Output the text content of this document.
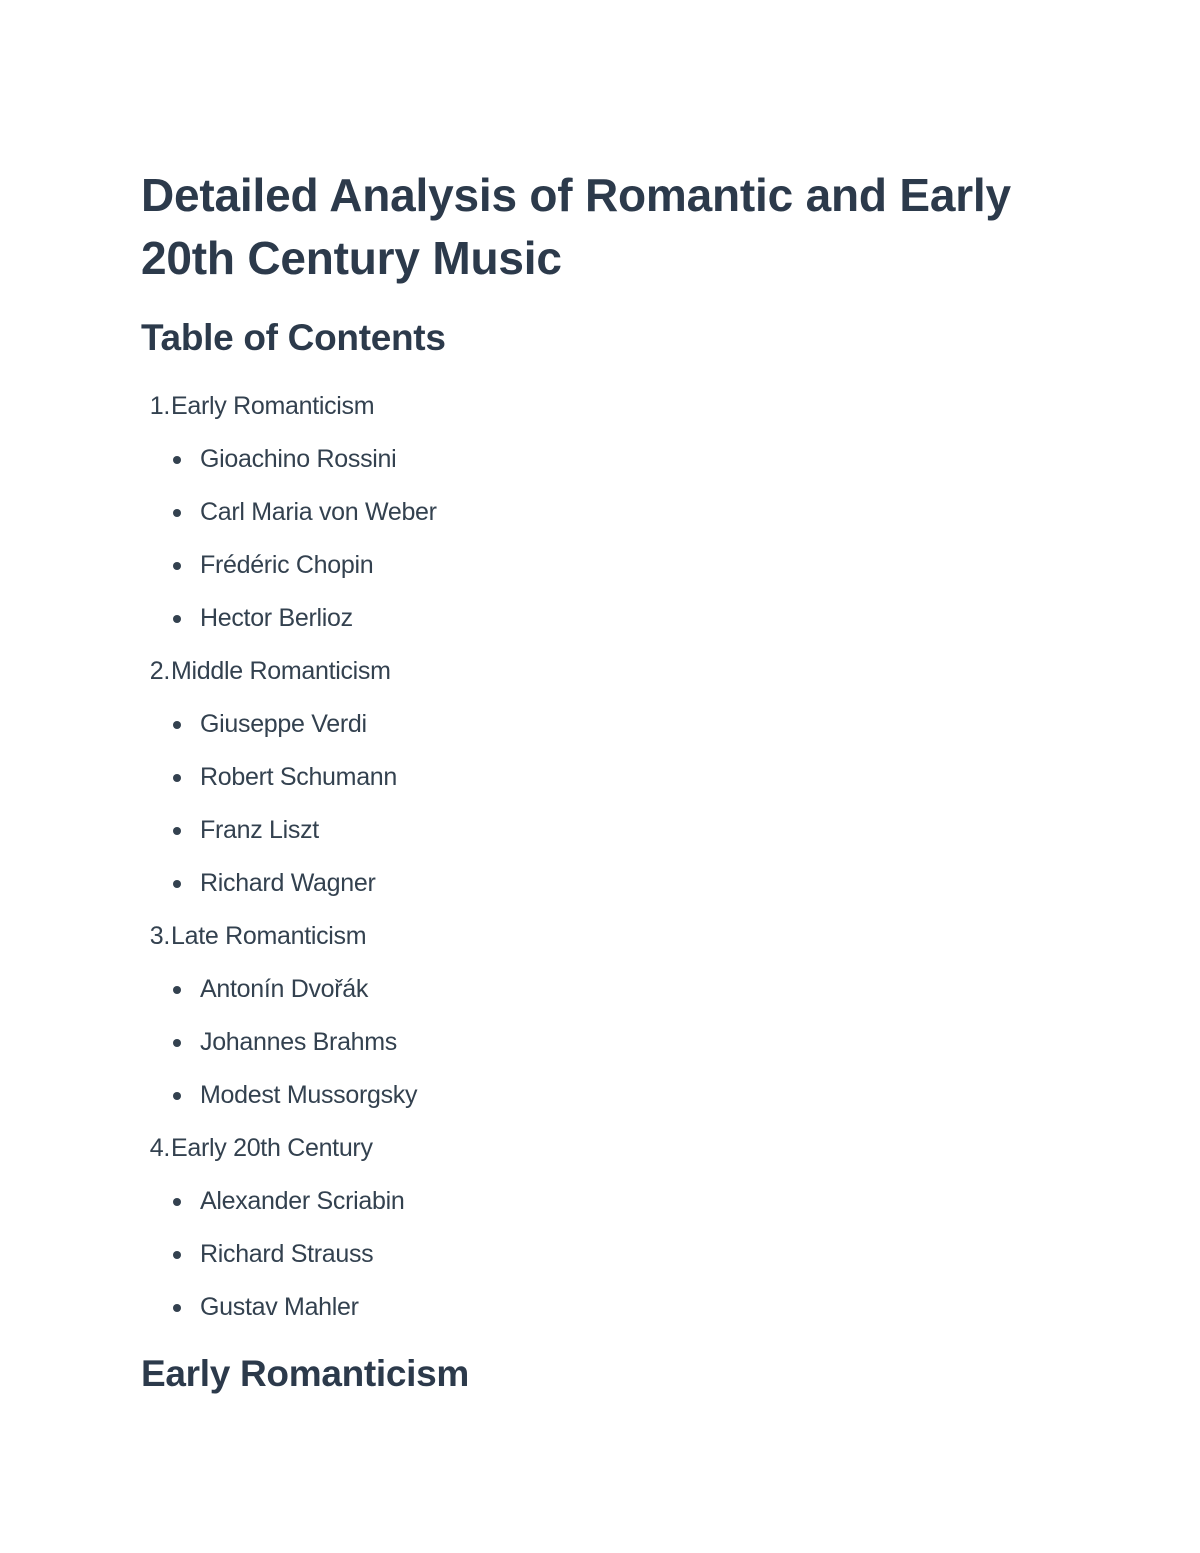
Detailed Analysis of Romantic and Early 20th Century Music
Table of Contents
1.Early Romanticism
Gioachino Rossini
Carl Maria von Weber
Frédéric Chopin
Hector Berlioz
2.Middle Romanticism
Giuseppe Verdi
Robert Schumann
Franz Liszt
Richard Wagner
3.Late Romanticism
Antonín Dvořák
Johannes Brahms
Modest Mussorgsky
4.Early 20th Century
Alexander Scriabin
Richard Strauss
Gustav Mahler
Early Romanticism
